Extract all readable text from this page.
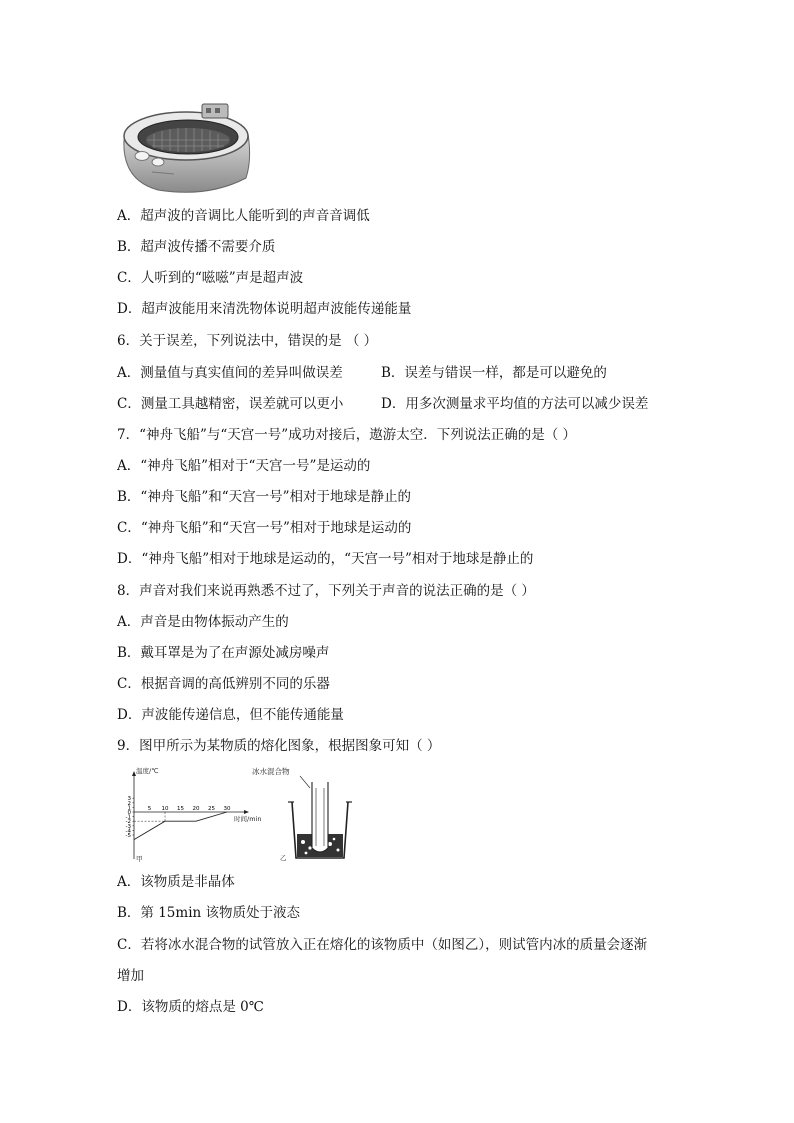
A．超声波的音调比人能听到的声音音调低
B．超声波传播不需要介质
C．人听到的“嗞嗞”声是超声波
D．超声波能用来清洗物体说明超声波能传递能量
6．关于误差，下列说法中，错误的是 （ ）
A．测量值与真实值间的差异叫做误差	B．误差与错误一样，都是可以避免的
C．测量工具越精密，误差就可以更小	D．用多次测量求平均值的方法可以减少误差
7．“神舟飞船”与“天宫一号”成功对接后，遨游太空．下列说法正确的是（ ）
A．“神舟飞船”相对于“天宫一号”是运动的
B．“神舟飞船”和“天宫一号”相对于地球是静止的
C．“神舟飞船”和“天宫一号”相对于地球是运动的
D．“神舟飞船”相对于地球是运动的，“天宫一号”相对于地球是静止的
8．声音对我们来说再熟悉不过了，下列关于声音的说法正确的是（ ）
A．声音是由物体振动产生的
B．戴耳罩是为了在声源处减房噪声
C．根据音调的高低辨别不同的乐器
D．声波能传递信息，但不能传通能量
9．图甲所示为某物质的熔化图象，根据图象可知（ ）
温度/℃
时间/min
甲
3
2
1
0
-1
-2
-3
-4
-5
5 10 15 20 25 30
冰水混合物
乙
A．该物质是非晶体
B．第 15min 该物质处于液态
C．若将冰水混合物的试管放入正在熔化的该物质中（如图乙），则试管内冰的质量会逐渐
增加
D．该物质的熔点是 0℃
